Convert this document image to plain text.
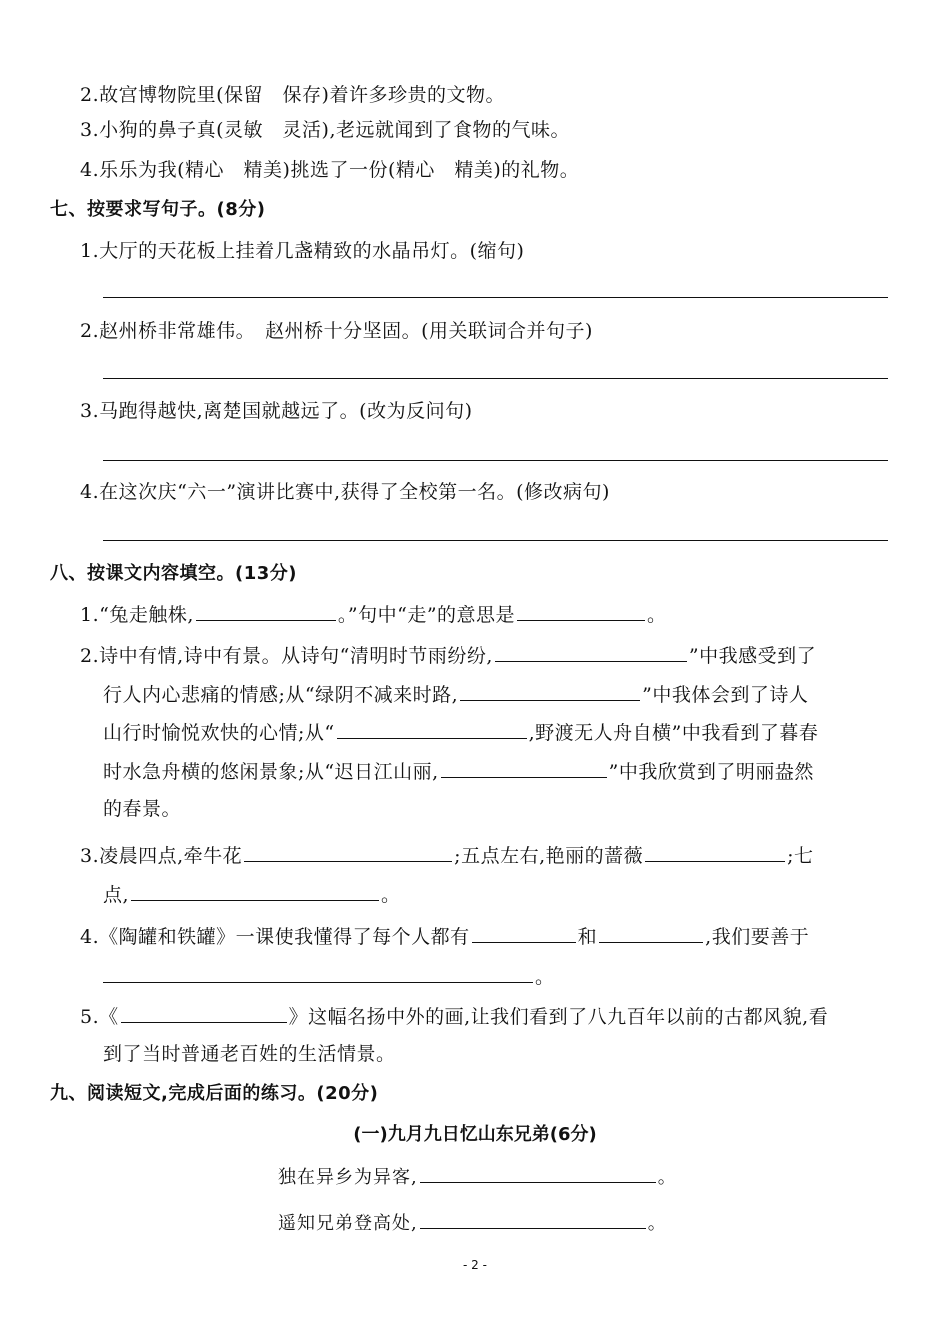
2.故宫博物院里(保留　保存)着许多珍贵的文物。
3.小狗的鼻子真(灵敏　灵活),老远就闻到了食物的气味。
4.乐乐为我(精心　精美)挑选了一份(精心　精美)的礼物。
七、按要求写句子。(8分)
1.大厅的天花板上挂着几盏精致的水晶吊灯。(缩句)
2.赵州桥非常雄伟。　赵州桥十分坚固。(用关联词合并句子)
3.马跑得越快,离楚国就越远了。(改为反问句)
4.在这次庆“六一”演讲比赛中,获得了全校第一名。(修改病句)
八、按课文内容填空。(13分)
1.“兔走触株,	。”句中“走”的意思是	。
2.诗中有情,诗中有景。从诗句“清明时节雨纷纷,	”中我感受到了
行人内心悲痛的情感;从“绿阴不减来时路,	”中我体会到了诗人
山行时愉悦欢快的心情;从“	,野渡无人舟自横”中我看到了暮春
时水急舟横的悠闲景象;从“迟日江山丽,	”中我欣赏到了明丽盎然
的春景。
3.凌晨四点,牵牛花	;五点左右,艳丽的蔷薇	;七
点,	。
4.《陶罐和铁罐》一课使我懂得了每个人都有	和	,我们要善于
。
5.《	》这幅名扬中外的画,让我们看到了八九百年以前的古都风貌,看
到了当时普通老百姓的生活情景。
九、阅读短文,完成后面的练习。(20分)
(一)九月九日忆山东兄弟(6分)
独在异乡为异客,	。
遥知兄弟登高处,	。
- 2 -
